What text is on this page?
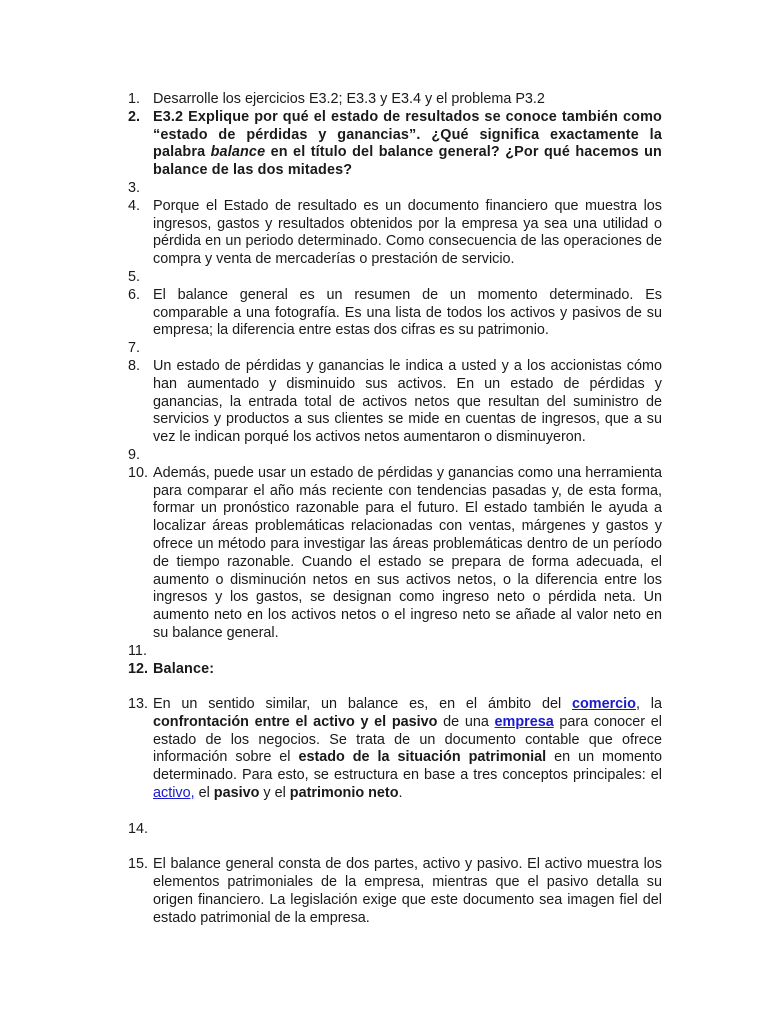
1. Desarrolle los ejercicios E3.2; E3.3 y E3.4 y el problema P3.2
2. E3.2 Explique por qué el estado de resultados se conoce también como “estado de pérdidas y ganancias”. ¿Qué significa exactamente la palabra balance en el título del balance general? ¿Por qué hacemos un balance de las dos mitades?
3.

4. Porque el Estado de resultado es un documento financiero que muestra los ingresos, gastos y resultados obtenidos por la empresa ya sea una utilidad o pérdida en un periodo determinado. Como consecuencia de las operaciones de compra y venta de mercaderías o prestación de servicio.
5.

6. El balance general es un resumen de un momento determinado. Es comparable a una fotografía. Es una lista de todos los activos y pasivos de su empresa; la diferencia entre estas dos cifras es su patrimonio.
7.

8. Un estado de pérdidas y ganancias le indica a usted y a los accionistas cómo han aumentado y disminuido sus activos. En un estado de pérdidas y ganancias, la entrada total de activos netos que resultan del suministro de servicios y productos a sus clientes se mide en cuentas de ingresos, que a su vez le indican porqué los activos netos aumentaron o disminuyeron.
9.

10. Además, puede usar un estado de pérdidas y ganancias como una herramienta para comparar el año más reciente con tendencias pasadas y, de esta forma, formar un pronóstico razonable para el futuro. El estado también le ayuda a localizar áreas problemáticas relacionadas con ventas, márgenes y gastos y ofrece un método para investigar las áreas problemáticas dentro de un período de tiempo razonable. Cuando el estado se prepara de forma adecuada, el aumento o disminución netos en sus activos netos, o la diferencia entre los ingresos y los gastos, se designan como ingreso neto o pérdida neta. Un aumento neto en los activos netos o el ingreso neto se añade al valor neto en su balance general.
11.

12. Balance:
13. En un sentido similar, un balance es, en el ámbito del comercio, la confrontación entre el activo y el pasivo de una empresa para conocer el estado de los negocios. Se trata de un documento contable que ofrece información sobre el estado de la situación patrimonial en un momento determinado. Para esto, se estructura en base a tres conceptos principales: el activo, el pasivo y el patrimonio neto.
14.

15. El balance general consta de dos partes, activo y pasivo. El activo muestra los elementos patrimoniales de la empresa, mientras que el pasivo detalla su origen financiero. La legislación exige que este documento sea imagen fiel del estado patrimonial de la empresa.
